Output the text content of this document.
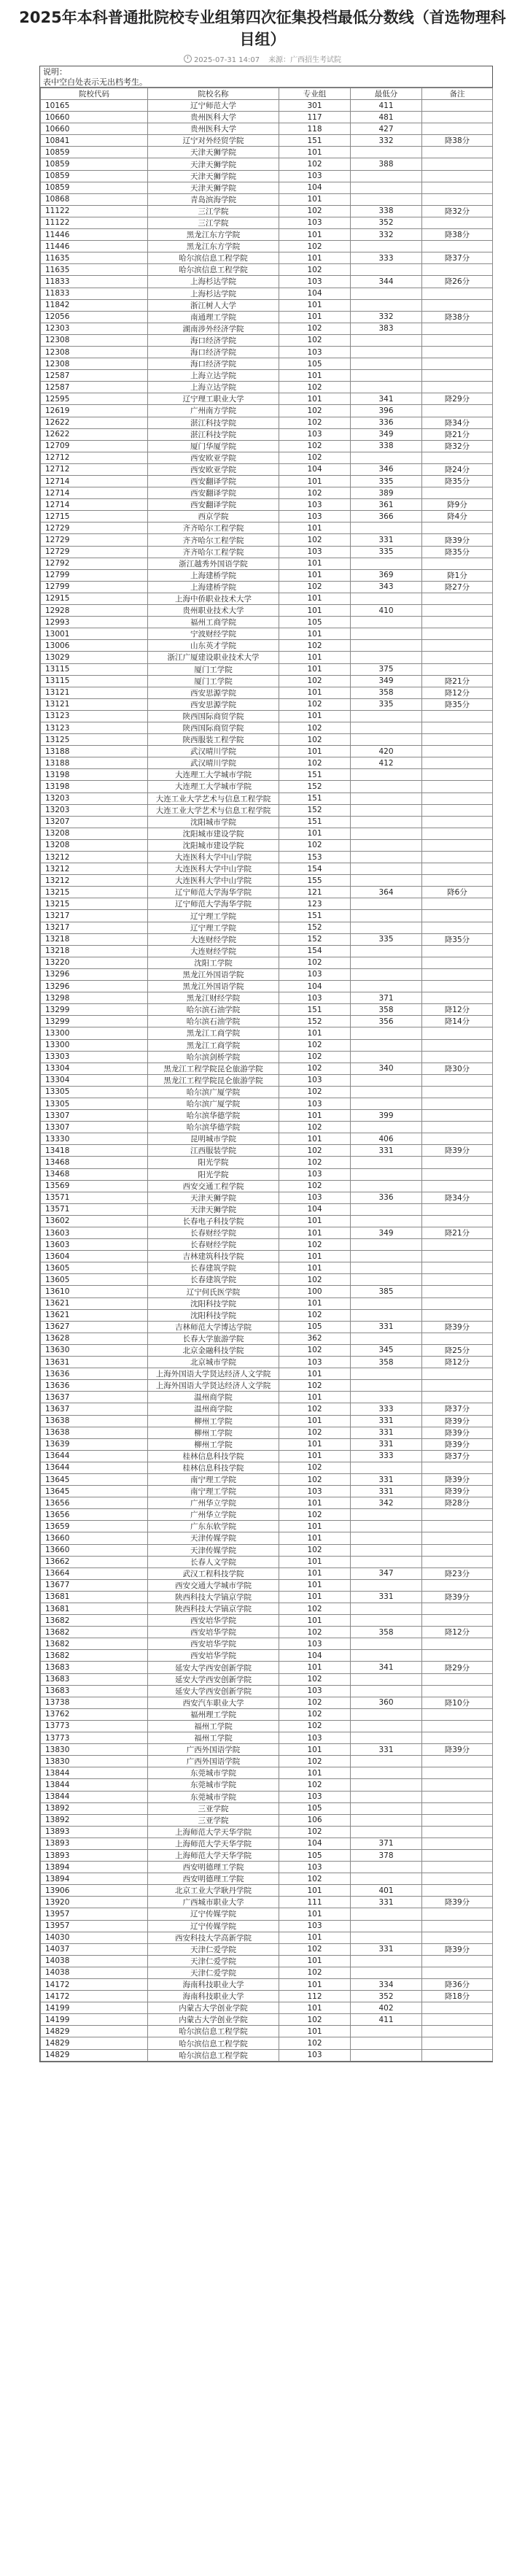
2025年本科普通批院校专业组第四次征集投档最低分数线（首选物理科目组）
2025-07-31 14:07 来源：广西招生考试院
说明：
表中空白处表示无出档考生。
院校代码	院校名称	专业组	最低分	备注
10165	辽宁师范大学	301	411	
10660	贵州医科大学	117	481	
10660	贵州医科大学	118	427	
10841	辽宁对外经贸学院	151	332	降38分
10859	天津天狮学院	101		
10859	天津天狮学院	102	388	
10859	天津天狮学院	103		
10859	天津天狮学院	104		
10868	青岛滨海学院	101		
11122	三江学院	102	338	降32分
11122	三江学院	103	352	
11446	黑龙江东方学院	101	332	降38分
11446	黑龙江东方学院	102		
11635	哈尔滨信息工程学院	101	333	降37分
11635	哈尔滨信息工程学院	102		
11833	上海杉达学院	103	344	降26分
11833	上海杉达学院	104		
11842	浙江树人大学	101		
12056	南通理工学院	101	332	降38分
12303	湖南涉外经济学院	102	383	
12308	海口经济学院	102		
12308	海口经济学院	103		
12308	海口经济学院	105		
12587	上海立达学院	101		
12587	上海立达学院	102		
12595	辽宁理工职业大学	101	341	降29分
12619	广州南方学院	102	396	
12622	湛江科技学院	102	336	降34分
12622	湛江科技学院	103	349	降21分
12709	厦门华厦学院	102	338	降32分
12712	西安欧亚学院	102		
12712	西安欧亚学院	104	346	降24分
12714	西安翻译学院	101	335	降35分
12714	西安翻译学院	102	389	
12714	西安翻译学院	103	361	降9分
12715	西京学院	103	366	降4分
12729	齐齐哈尔工程学院	101		
12729	齐齐哈尔工程学院	102	331	降39分
12729	齐齐哈尔工程学院	103	335	降35分
12792	浙江越秀外国语学院	101		
12799	上海建桥学院	101	369	降1分
12799	上海建桥学院	102	343	降27分
12915	上海中侨职业技术大学	101		
12928	贵州职业技术大学	101	410	
12993	福州工商学院	105		
13001	宁波财经学院	101		
13006	山东英才学院	102		
13029	浙江广厦建设职业技术大学	101		
13115	厦门工学院	101	375	
13115	厦门工学院	102	349	降21分
13121	西安思源学院	101	358	降12分
13121	西安思源学院	102	335	降35分
13123	陕西国际商贸学院	101		
13123	陕西国际商贸学院	102		
13125	陕西服装工程学院	102		
13188	武汉晴川学院	101	420	
13188	武汉晴川学院	102	412	
13198	大连理工大学城市学院	151		
13198	大连理工大学城市学院	152		
13203	大连工业大学艺术与信息工程学院	151		
13203	大连工业大学艺术与信息工程学院	152		
13207	沈阳城市学院	151		
13208	沈阳城市建设学院	101		
13208	沈阳城市建设学院	102		
13212	大连医科大学中山学院	153		
13212	大连医科大学中山学院	154		
13212	大连医科大学中山学院	155		
13215	辽宁师范大学海华学院	121	364	降6分
13215	辽宁师范大学海华学院	123		
13217	辽宁理工学院	151		
13217	辽宁理工学院	152		
13218	大连财经学院	152	335	降35分
13218	大连财经学院	154		
13220	沈阳工学院	102		
13296	黑龙江外国语学院	103		
13296	黑龙江外国语学院	104		
13298	黑龙江财经学院	103	371	
13299	哈尔滨石油学院	151	358	降12分
13299	哈尔滨石油学院	152	356	降14分
13300	黑龙江工商学院	101		
13300	黑龙江工商学院	102		
13303	哈尔滨剑桥学院	102		
13304	黑龙江工程学院昆仑旅游学院	102	340	降30分
13304	黑龙江工程学院昆仑旅游学院	103		
13305	哈尔滨广厦学院	102		
13305	哈尔滨广厦学院	103		
13307	哈尔滨华德学院	101	399	
13307	哈尔滨华德学院	102		
13330	昆明城市学院	101	406	
13418	江西服装学院	102	331	降39分
13468	阳光学院	102		
13468	阳光学院	103		
13569	西安交通工程学院	102		
13571	天津天狮学院	103	336	降34分
13571	天津天狮学院	104		
13602	长春电子科技学院	101		
13603	长春财经学院	101	349	降21分
13603	长春财经学院	102		
13604	吉林建筑科技学院	101		
13605	长春建筑学院	101		
13605	长春建筑学院	102		
13610	辽宁何氏医学院	100	385	
13621	沈阳科技学院	101		
13621	沈阳科技学院	102		
13627	吉林师范大学博达学院	105	331	降39分
13628	长春大学旅游学院	362		
13630	北京金融科技学院	102	345	降25分
13631	北京城市学院	103	358	降12分
13636	上海外国语大学贤达经济人文学院	101		
13636	上海外国语大学贤达经济人文学院	102		
13637	温州商学院	101		
13637	温州商学院	102	333	降37分
13638	柳州工学院	101	331	降39分
13638	柳州工学院	102	331	降39分
13639	柳州工学院	101	331	降39分
13644	桂林信息科技学院	101	333	降37分
13644	桂林信息科技学院	102		
13645	南宁理工学院	102	331	降39分
13645	南宁理工学院	103	331	降39分
13656	广州华立学院	101	342	降28分
13656	广州华立学院	102		
13659	广东东软学院	101		
13660	天津传媒学院	101		
13660	天津传媒学院	102		
13662	长春人文学院	101		
13664	武汉工程科技学院	101	347	降23分
13677	西安交通大学城市学院	101		
13681	陕西科技大学镐京学院	101	331	降39分
13681	陕西科技大学镐京学院	102		
13682	西安培华学院	101		
13682	西安培华学院	102	358	降12分
13682	西安培华学院	103		
13682	西安培华学院	104		
13683	延安大学西安创新学院	101	341	降29分
13683	延安大学西安创新学院	102		
13683	延安大学西安创新学院	103		
13738	西安汽车职业大学	102	360	降10分
13762	福州理工学院	102		
13773	福州工学院	102		
13773	福州工学院	103		
13830	广西外国语学院	101	331	降39分
13830	广西外国语学院	102		
13844	东莞城市学院	101		
13844	东莞城市学院	102		
13844	东莞城市学院	103		
13892	三亚学院	105		
13892	三亚学院	106		
13893	上海师范大学天华学院	102		
13893	上海师范大学天华学院	104	371	
13893	上海师范大学天华学院	105	378	
13894	西安明德理工学院	103		
13894	西安明德理工学院	102		
13906	北京工业大学耿丹学院	101	401	
13920	广西城市职业大学	111	331	降39分
13957	辽宁传媒学院	101		
13957	辽宁传媒学院	103		
14030	西安科技大学高新学院	101		
14037	天津仁爱学院	102	331	降39分
14038	天津仁爱学院	101		
14038	天津仁爱学院	102		
14172	海南科技职业大学	101	334	降36分
14172	海南科技职业大学	112	352	降18分
14199	内蒙古大学创业学院	101	402	
14199	内蒙古大学创业学院	102	411	
14829	哈尔滨信息工程学院	101		
14829	哈尔滨信息工程学院	102		
14829	哈尔滨信息工程学院	103		
